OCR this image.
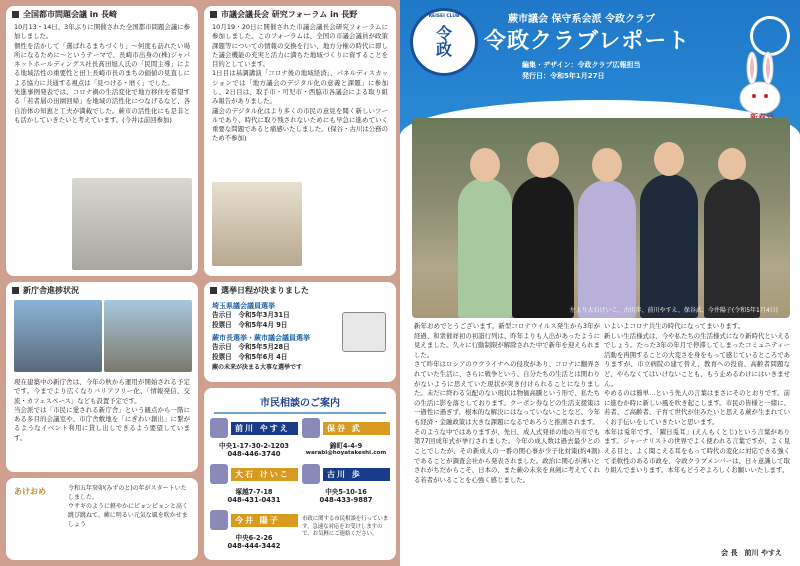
全国都市問題会議 in 長崎
10月13・14日、3年ぶりに開催された全国都市問題会議に参加しました。
個性を活かして「選ばれるまちづくり」〜何度も訪れたい場所になるために〜というテーマで、長崎市出身の(株)ジャパネットホールディングス社長髙田旭人氏の「民間主導」による地域活性の重要性と田上長崎市長のまちの価値の見直しによる協力に共通する視点は「見つける・磨く」でした。
先進事例発表では、コロナ禍の生活変化で地方移住を希望する「若者層の田園回帰」を地域の活性化につなげるなど、各自治体の知恵と工夫が満載でした。蕨市の活性化にも是非とも活かしていきたいと考えています。(今井は前回参加)
市議会議長会 研究フォーラム in 長野
10月19・20日に開催された市議会議長会研究フォーラムに参加しました。このフォーラムは、全国の市議会議員が政策課題等についての情報の交換を行い、地方分権の時代に即した議会機能の充実と活力に満ちた地域づくりに資することを目的としています。
1日目は基調講演「コロナ後の地域経済」、パネルディスカッションでは「地方議会のデジタル化の意義と課題」に参加し、2日目は、取手市・可児市・西脇市各議会による取り組み報告がありました。
議会のデジタル化はより多くの市民の意見を聞く新しいツールであり、時代に取り残されないためにも早急に進めていく重要な問題であると痛感いたしました。(保谷・古川は公務のため不参加)
新庁舎進捗状況
現在建築中の新庁舎は、今年の秋から運用が開始される予定です。今までより広くなりバリアフリー化、「情報発信、交流・カフェスペース」なども設置予定です。
当会派では「市民に愛される新庁舎」という観点から一階にある多目的会議室や、市庁舎敷地を「にぎわい創出」に繋がるようなイベント利用に貸し出しできるよう要望しています。
選挙日程が決まりました
埼玉県議会議員選挙
告示日　令和5年3月31日
投票日　令和5年4月 9日
蕨市長選挙・蕨市議会議員選挙
告示日　令和5年5月28日
投票日　令和5年6月 4日
蕨の未来が決まる大事な選挙です
市民相談のご案内
前川 やすえ
中央1-17-30-2-1203
048-446-3740
保谷 武
錦町4-4-9
warabi@hoyatakeshi.com
大石 けいこ
塚越7-7-18
048-431-0431
古川 歩
中央5-10-16
048-433-9887
今井 陽子
中央6-2-26
048-444-3442
市政に関する市民相談を行っています。急速な対応をお受けしますので、お気軽にご連絡ください。
あけおめ	令和五年癸卯(みずのと)の年がスタートいたしました。
ウサギのように軽やかにピョンピョンと高く跳び跳ねて、蕨に明るい元気な風を吹かせましょう
令
政
REISEI CLUB	蕨市議会 保守系会派 令政クラブ
令政クラブレポート
編集・デザイン：令政クラブ広報担当
発行日：令和5年1月27日
左より大石けいこ、古川歩、前川やすえ、保谷武、今井陽子(令和5年1月4日)
新年おめでとうございます。新型コロナウイルス発生から3年が経過、和衆催祥初の初詣行列は、昨年よりも人出があったように見えました。久々に行動制限が解除された中で新年を迎えられました。
さて昨年はロシアのウクライナへの侵攻があり、コロナに翻弄されていた生活に、さらに戦争という、自分たちの生活とは関わりがないように思えていた現状が突き付けられることになりました。未だに終わる気配のない現状は物価高騰という形で、私たちの生活に影を落としております。クーポン券などの生活支援策は一過性に過ぎず、根本的な解決にはなっていないことなど、今年も経済・金融政策は大きな課題になるであろうと推測されます。
そのような中ではありますが、先日、成人式発祥の地の当市でも第77回成年式が挙行されました。今年の成人数は過去最少とのことでしたが、その新成人の一番の関心事が少子化対策(約4割)であることが調査会社から発表されました。政治に関心が薄いとされがちだからこそ、日本の、また蕨の未来を真剣に考えてくれる若者がいることを心強く感じました。
いよいよコロナ共生の時代になってまいります。
新しい生活様式は、今や私たちの生活様式になり新時代といえるでしょう。たった3年の年月で停滞してしまったコミュニティー活動を再開することの大変さを身をもって感じているところでありますが、市立病院の建て替え、教育への投資、高齢者問題など、やらなくてはいけないことも、もう止めるわけにはいきません。
やめるのは簡単…という先人の言葉はまさにそのとおりです。前に進むか時に新しい風を吹き起こします。市民の皆様と一緒に、若者、ご高齢者、子育て世代が住みたいと思える蕨が生まれていくお手伝いをしていきたいと思います。
本年は兎年です。「躍日兎耳」(えんもくとじ)という言葉があります。ジャーナリストの世界でよく使われる言葉ですが、よく見える目と、よく聞こえる耳をもって時代の変化に対応できる強くて柔軟性のある市政を、令政クラブメンバーは、日々意識して取り組んでまいります。本年もどうぞよろしくお願いいたします。
会 長　前川 やすえ
